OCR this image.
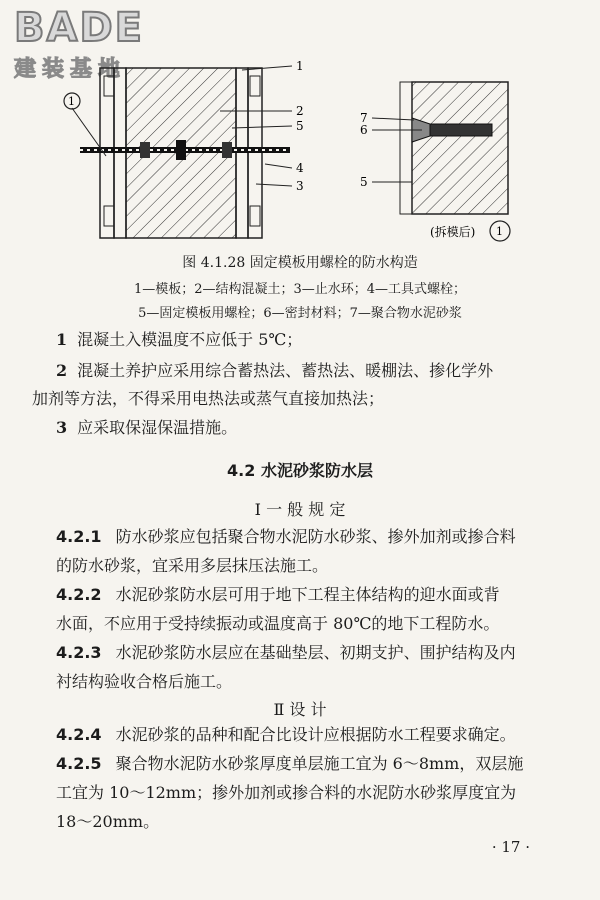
BADE
建装基地	1
2
5
4
3
1
7
6
5
(拆模后) 1
图 4.1.28 固定模板用螺栓的防水构造
1—模板；2—结构混凝土；3—止水环；4—工具式螺栓；
5—固定模板用螺栓；6—密封材料；7—聚合物水泥砂浆
1 混凝土入模温度不应低于 5℃；
2 混凝土养护应采用综合蓄热法、蓄热法、暖棚法、掺化学外
加剂等方法，不得采用电热法或蒸气直接加热法；
3 应采取保湿保温措施。
4.2 水泥砂浆防水层
Ⅰ 一 般 规 定
4.2.1 防水砂浆应包括聚合物水泥防水砂浆、掺外加剂或掺合料
的防水砂浆，宜采用多层抹压法施工。
4.2.2 水泥砂浆防水层可用于地下工程主体结构的迎水面或背
水面，不应用于受持续振动或温度高于 80℃的地下工程防水。
4.2.3 水泥砂浆防水层应在基础垫层、初期支护、围护结构及内
衬结构验收合格后施工。
Ⅱ 设 计
4.2.4 水泥砂浆的品种和配合比设计应根据防水工程要求确定。
4.2.5 聚合物水泥防水砂浆厚度单层施工宜为 6～8mm，双层施
工宜为 10～12mm；掺外加剂或掺合料的水泥防水砂浆厚度宜为
18～20mm。
· 17 ·
